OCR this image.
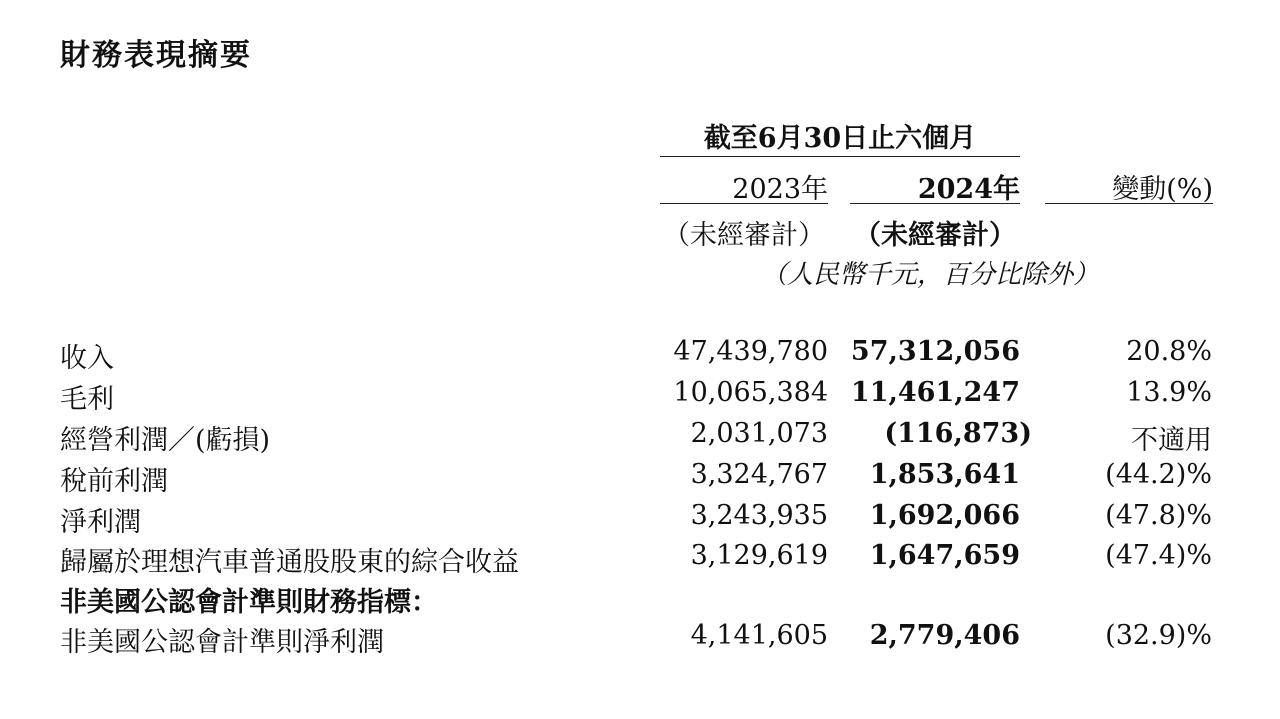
財務表現摘要
截至6月30日止六個月
2023年	2024年	變動(%)
（未經審計） （未經審計）
（人民幣千元，百分比除外）
收入	47,439,780 57,312,056	20.8%
毛利	10,065,384 11,461,247	13.9%
經營利潤／(虧損)	2,031,073	(116,873)	不適用
稅前利潤	3,324,767	1,853,641	(44.2)%
淨利潤	3,243,935	1,692,066	(47.8)%
歸屬於理想汽車普通股股東的綜合收益	3,129,619	1,647,659	(47.4)%
非美國公認會計準則財務指標：
非美國公認會計準則淨利潤	4,141,605	2,779,406	(32.9)%
